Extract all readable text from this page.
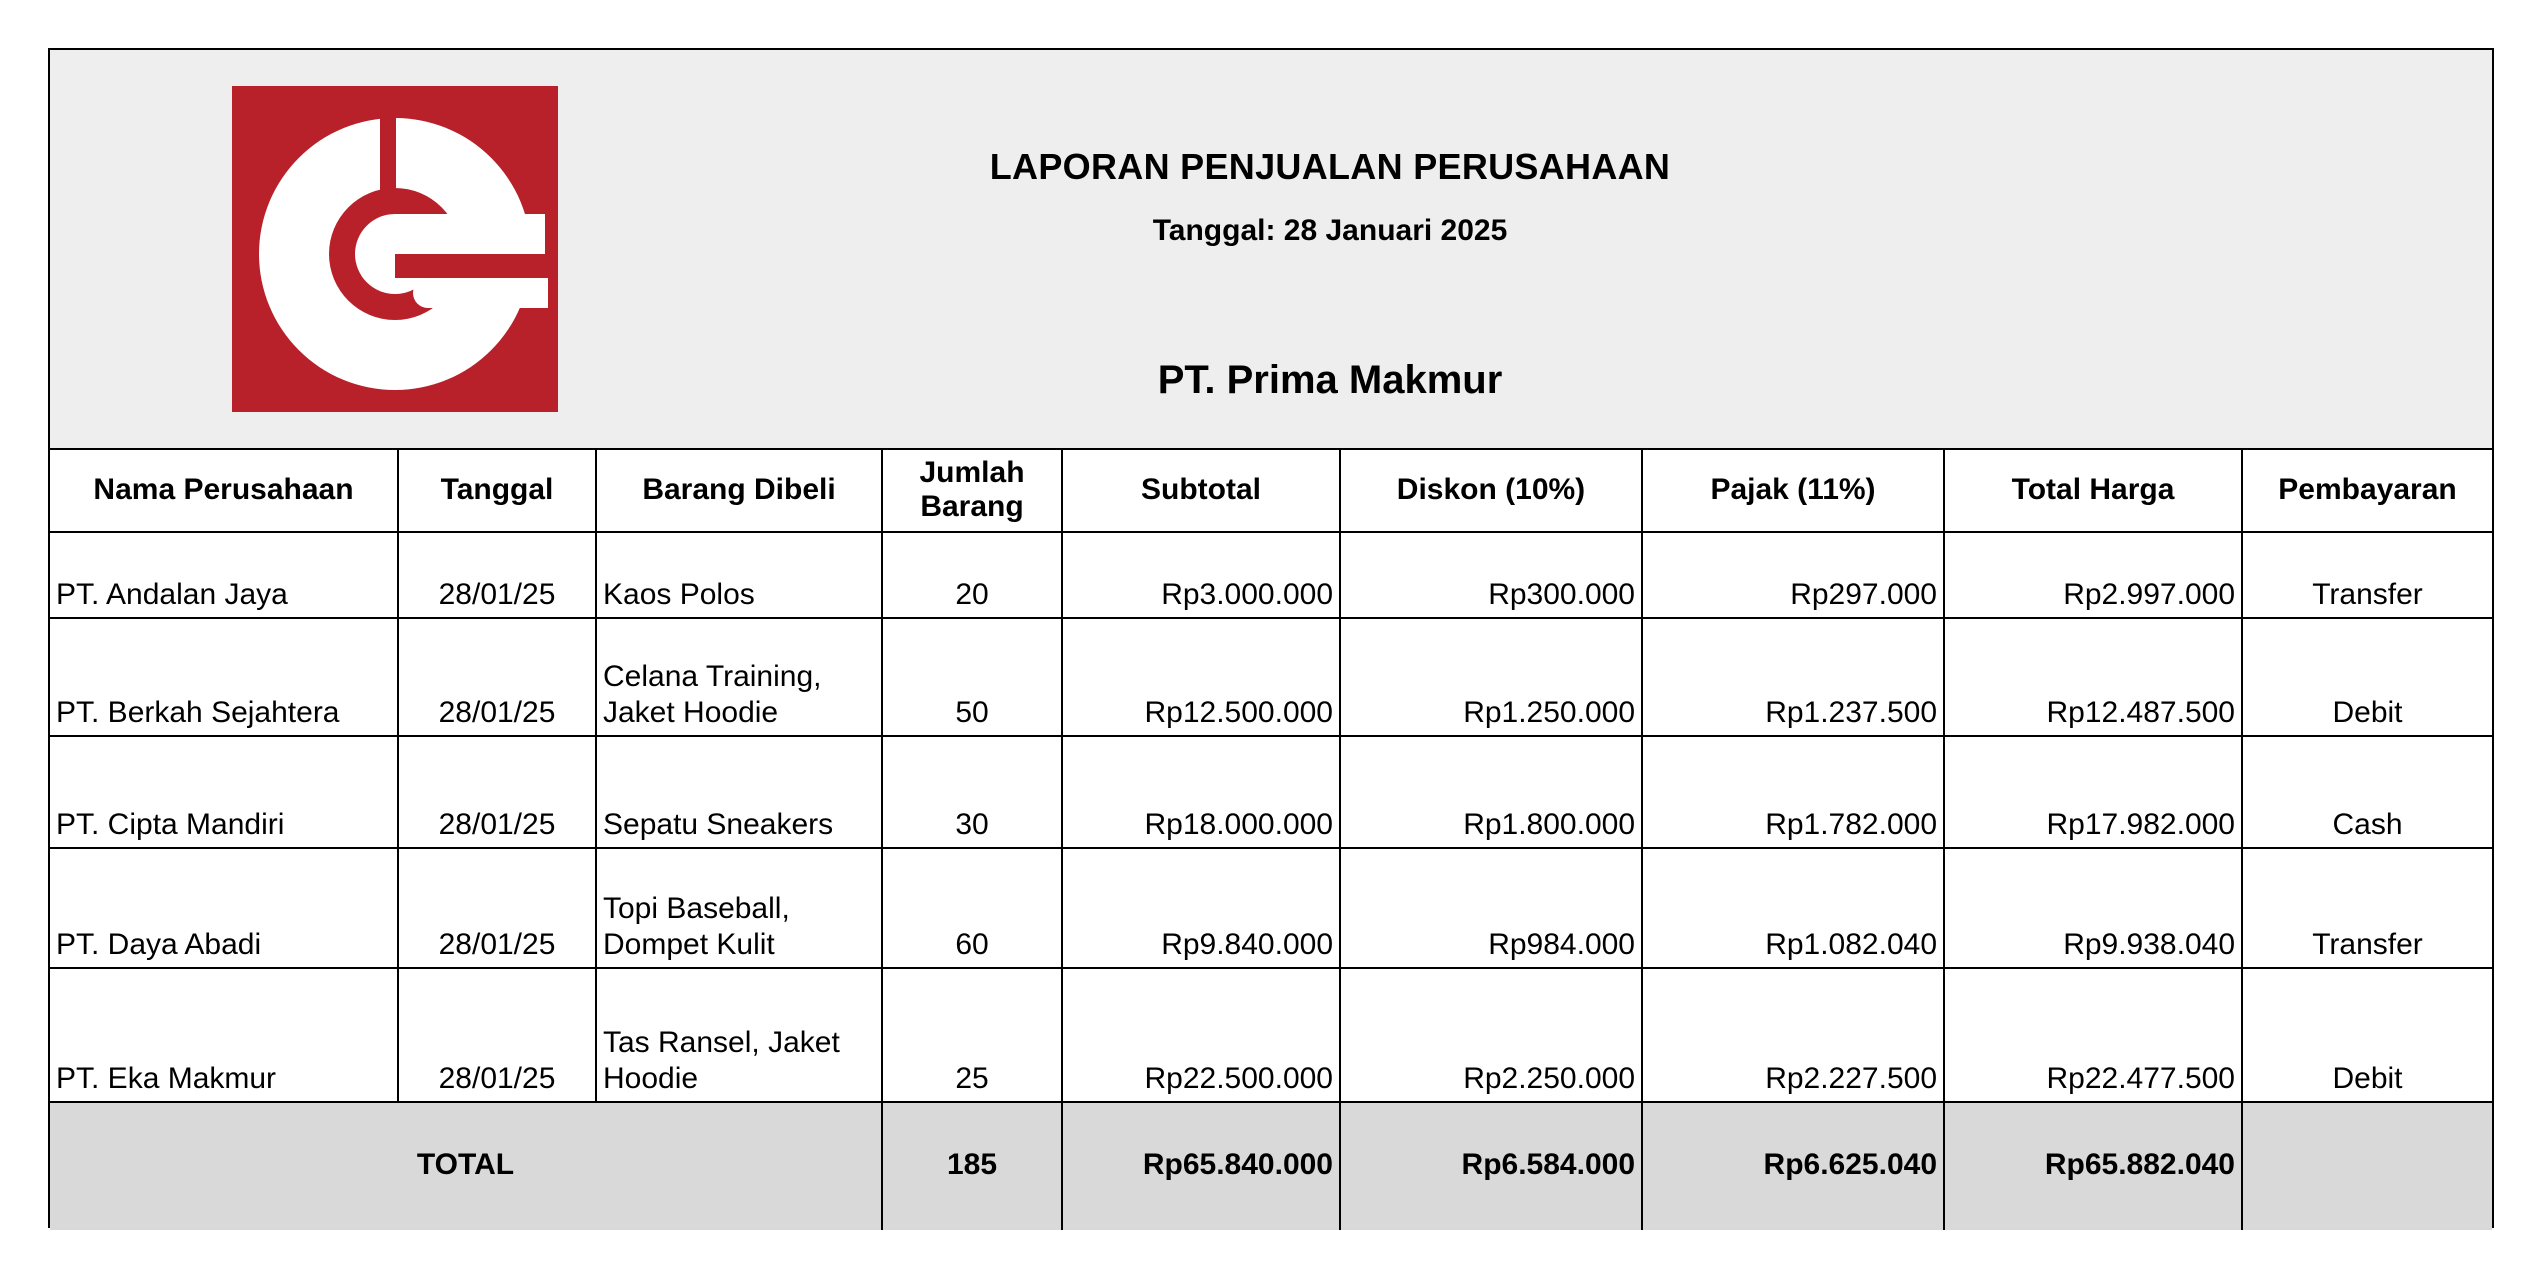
LAPORAN PENJUALAN PERUSAHAAN
Tanggal: 28 Januari 2025
PT. Prima Makmur
Nama Perusahaan	Tanggal	Barang Dibeli	Jumlah Barang	Subtotal	Diskon (10%)	Pajak (11%)	Total Harga	Pembayaran
PT. Andalan Jaya	28/01/25	Kaos Polos	20	Rp3.000.000	Rp300.000	Rp297.000	Rp2.997.000	Transfer
PT. Berkah Sejahtera	28/01/25	Celana Training,
Jaket Hoodie	50	Rp12.500.000	Rp1.250.000	Rp1.237.500	Rp12.487.500	Debit
PT. Cipta Mandiri	28/01/25	Sepatu Sneakers	30	Rp18.000.000	Rp1.800.000	Rp1.782.000	Rp17.982.000	Cash
PT. Daya Abadi	28/01/25	Topi Baseball,
Dompet Kulit	60	Rp9.840.000	Rp984.000	Rp1.082.040	Rp9.938.040	Transfer
PT. Eka Makmur	28/01/25	Tas Ransel, Jaket
Hoodie	25	Rp22.500.000	Rp2.250.000	Rp2.227.500	Rp22.477.500	Debit
TOTAL			185	Rp65.840.000	Rp6.584.000	Rp6.625.040	Rp65.882.040	
